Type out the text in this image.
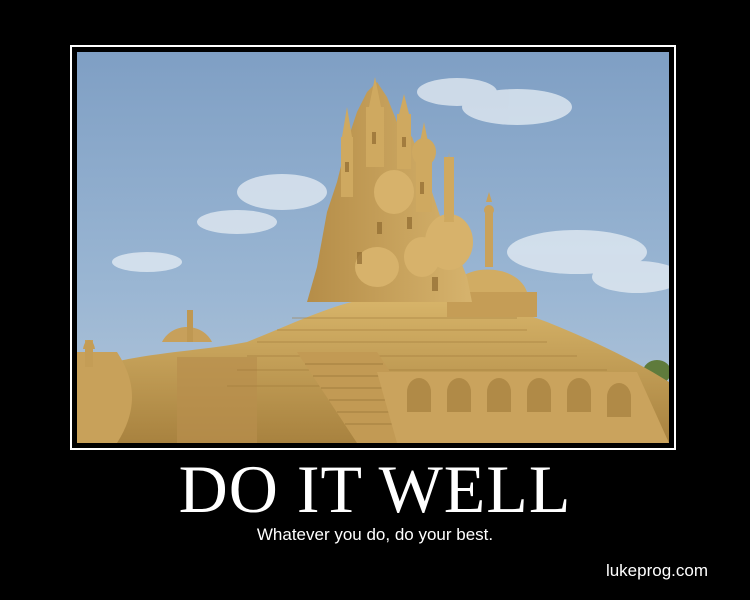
DO IT WELL
Whatever you do, do your best.
lukeprog.com
